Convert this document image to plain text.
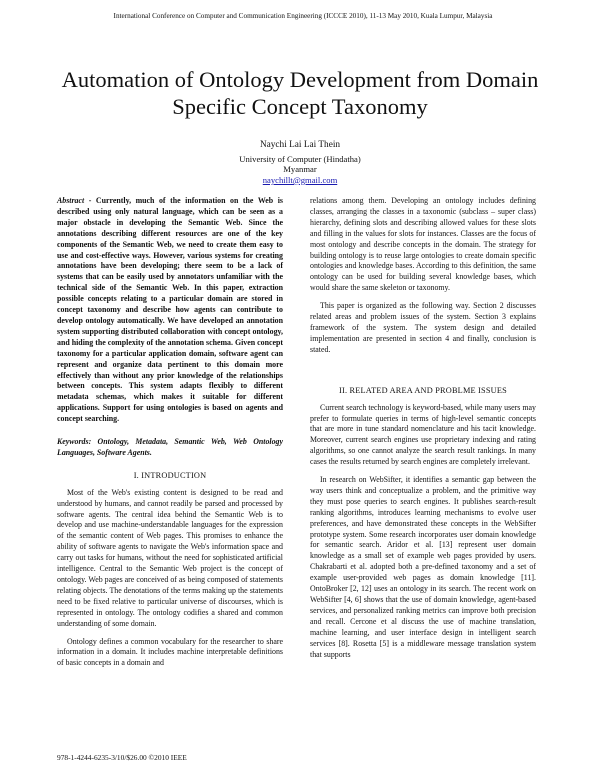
International Conference on Computer and Communication Engineering (ICCCE 2010), 11-13 May 2010, Kuala Lumpur, Malaysia
Automation of Ontology Development from Domain Specific Concept Taxonomy
Naychi Lai Lai Thein
University of Computer (Hindatha)
Myanmar
naychillt@gmail.com

Abstract - Currently, much of the information on the Web is described using only natural language, which can be seen as a major obstacle in developing the Semantic Web. Since the annotations describing different resources are one of the key components of the Semantic Web, we need to create them easy to use and cost-effective ways. However, various systems for creating annotations have been developing; there seem to be a lack of systems that can be easily used by annotators unfamiliar with the technical side of the Semantic Web. In this paper, extraction possible concepts relating to a particular domain are stored in concept taxonomy and describe how agents can contribute to develop ontology automatically. We have developed an annotation system supporting distributed collaboration with concept ontology, and hiding the complexity of the annotation schema. Given concept taxonomy for a particular application domain, software agent can represent and organize data pertinent to this domain more effectively than without any prior knowledge of the relationships between concepts. This system adapts flexibly to different metadata schemas, which makes it suitable for different applications. Support for using ontologies is based on agents and concept searching.

Keywords: Ontology, Metadata, Semantic Web, Web Ontology Languages, Software Agents.

I. INTRODUCTION

Most of the Web's existing content is designed to be read and understood by humans, and cannot readily be parsed and processed by software agents. The central idea behind the Semantic Web is to develop and use machine-understandable languages for the expression of the semantic content of Web pages. This promises to enhance the ability of software agents to navigate the Web's information space and carry out tasks for humans, without the need for sophisticated artificial intelligence. Central to the Semantic Web project is the concept of ontology. Web pages are conceived of as being composed of statements relating objects. The denotations of the terms making up the statements need to be fixed relative to particular universe of discourses, which is represented in ontology. The ontology codifies a shared and common understanding of some domain.

Ontology defines a common vocabulary for the researcher to share information in a domain. It includes machine interpretable definitions of basic concepts in a domain and

relations among them. Developing an ontology includes defining classes, arranging the classes in a taxonomic (subclass – super class) hierarchy, defining slots and describing allowed values for these slots and filling in the values for slots for instances. Classes are the focus of most ontology and describe concepts in the domain. The strategy for building ontology is to reuse large ontologies to create domain specific ontologies and knowledge bases. According to this definition, the same ontology can be used for building several knowledge bases, which would share the same skeleton or taxonomy.

This paper is organized as the following way. Section 2 discusses related areas and problem issues of the system. Section 3 explains framework of the system. The system design and detailed implementation are presented in section 4 and finally, conclusion is stated.

II. RELATED AREA AND PROBLME ISSUES

Current search technology is keyword-based, while many users may prefer to formulate queries in terms of high-level semantic concepts that are more in tune standard nomenclature and his tacit knowledge. Moreover, current search engines use proprietary indexing and rating algorithms, so one cannot analyze the search result rankings. In many cases the results returned by search engines are completely irrelevant.

In research on WebSifter, it identifies a semantic gap between the way users think and conceptualize a problem, and the primitive way they must pose queries to search engines. It publishes search-result ranking algorithms, introduces learning mechanisms to evolve user preferences, and have demonstrated these concepts in the WebSifter prototype system. Some research incorporates user domain knowledge for semantic search. Aridor et al. [13] represent user domain knowledge as a small set of example web pages provided by users. Chakrabarti et al. adopted both a pre-defined taxonomy and a set of example user-provided web pages as domain knowledge [11]. OntoBroker [2, 12] uses an ontology in its search. The recent work on WebSifter [4, 6] shows that the use of domain knowledge, agent-based services, and personalized ranking metrics can improve both precision and recall. Cercone et al discuss the use of machine translation, machine learning, and user interface design in intelligent search services [8]. Rosetta [5] is a middleware message translation system that supports

978-1-4244-6235-3/10/$26.00 ©2010 IEEE
